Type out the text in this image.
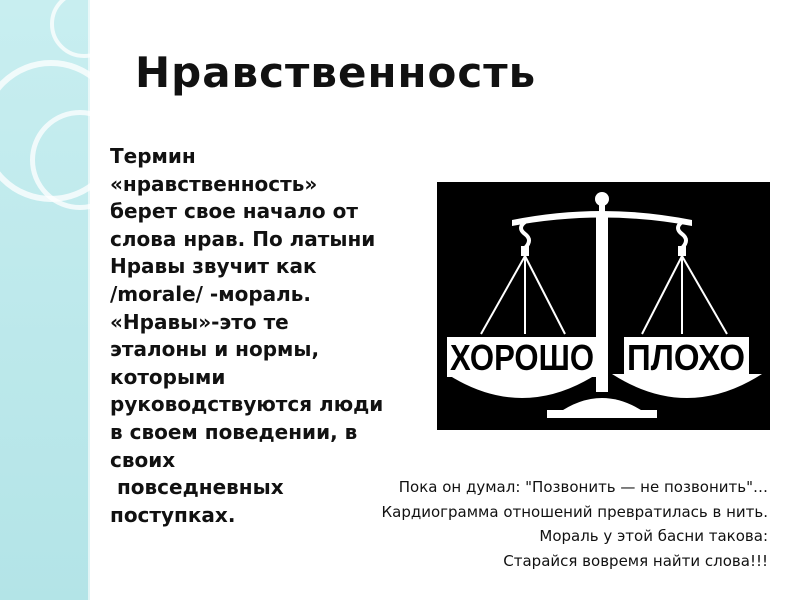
Нравственность
Термин
«нравственность»
берет свое начало от
слова нрав. По латыни
Нравы звучит как
/morale/ -мораль.
«Нравы»-это те
эталоны и нормы,
которыми
руководствуются люди
в своем поведении, в
своих
повседневных
поступках.
ХОРОШО ПЛОХО
Пока он думал: "Позвонить — не позвонить"…
Кардиограмма отношений превратилась в нить.
Мораль у этой басни такова:
Старайся вовремя найти слова!!!
